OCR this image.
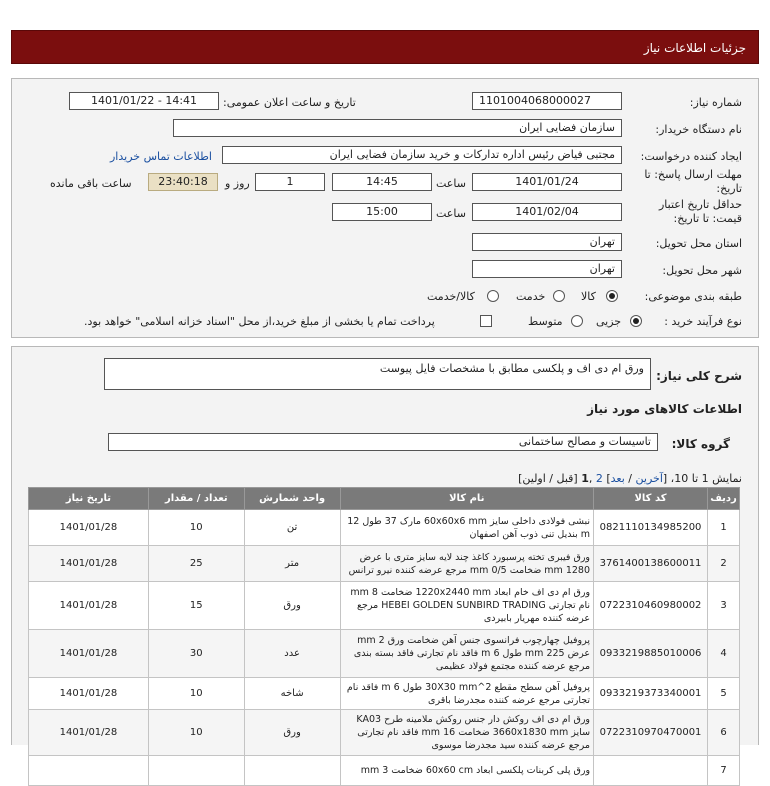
جزئیات اطلاعات نیاز
شماره نیاز:
1101004068000027
تاریخ و ساعت اعلان عمومی:
1401/01/22 - 14:41
نام دستگاه خریدار:
سازمان فضایی ایران
ایجاد کننده درخواست:
مجتبی فیاض رئیس اداره تدارکات و خرید سازمان فضایی ایران
اطلاعات تماس خریدار
مهلت ارسال پاسخ: تا تاریخ:
1401/01/24
ساعت
14:45
1
روز و
23:40:18
ساعت باقی مانده
حداقل تاریخ اعتبار قیمت: تا تاریخ:
1401/02/04
ساعت
15:00
استان محل تحویل:
تهران
شهر محل تحویل:
تهران
طبقه بندی موضوعی:
کالا
خدمت
کالا/خدمت
نوع فرآیند خرید :
جزیی
متوسط
پرداخت تمام یا بخشی از مبلغ خرید،از محل "اسناد خزانه اسلامی" خواهد بود.
شرح کلی نیاز:
ورق ام دی اف و پلکسی مطابق با مشخصات فایل پیوست
اطلاعات کالاهای مورد نیاز
گروه کالا:
تاسیسات و مصالح ساختمانی
نمایش 1 تا 10، [آخرین / بعد] 2 ,1 [قبل / اولین]
ردیف	کد کالا	نام کالا	واحد شمارش	تعداد / مقدار	تاریخ نیاز
1	0821110134985200	نبشی فولادی داخلی سایز 60x60x6 mm مارک 37 طول 12 m بندیل تنی ذوب آهن اصفهان	تن	10	1401/01/28
2	3761400138600011	ورق فیبری تخته پرسبورد کاغذ چند لایه سایز متری با عرض 1280 mm ضخامت 0/5 mm مرجع عرضه کننده نیرو ترانس	متر	25	1401/01/28
3	0722310460980002	ورق ام دی اف خام ابعاد 1220x2440 mm ضخامت 8 mm نام تجارتی HEBEI GOLDEN SUNBIRD TRADING مرجع عرضه کننده مهریار بابیردی	ورق	15	1401/01/28
4	0933219885010006	پروفیل چهارچوب فرانسوی جنس آهن ضخامت ورق 2 mm عرض 225 mm طول 6 m فاقد نام تجارتی فاقد بسته بندی مرجع عرضه کننده مجتمع فولاد عظیمی	عدد	30	1401/01/28
5	0933219373340001	پروفیل آهن سطح مقطع 2^30X30 mm طول 6 m فاقد نام تجارتی مرجع عرضه کننده مجدرضا باقری	شاخه	10	1401/01/28
6	0722310970470001	ورق ام دی اف روکش دار جنس روکش ملامینه طرح KA03 سایز 3660x1830 mm ضخامت 16 mm فاقد نام تجارتی مرجع عرضه کننده سید مجدرضا موسوی	ورق	10	1401/01/28
7		ورق پلی کربنات پلکسی ابعاد 60x60 cm ضخامت 3 mm			
